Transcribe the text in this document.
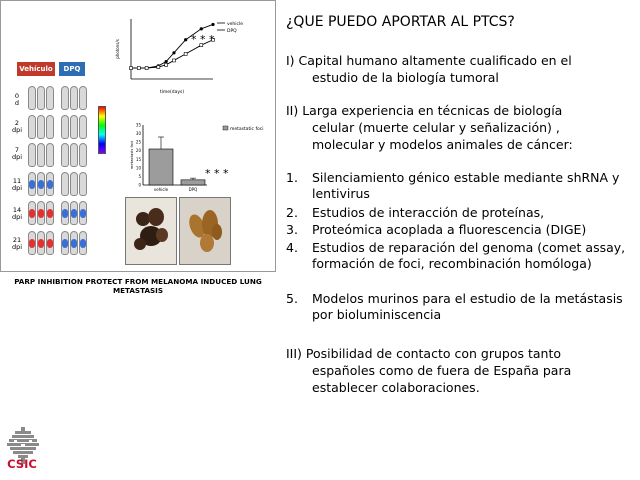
Vehículo	DPQ
0
d
2
dpi
7
dpi
11
dpi
14
dpi
21
dpi
vehicle
DPQ
time(days)
photons/s	* * *
0
5
10
15
20
25
30
35
vehicle	DPQ
metastatic foci
metastasis foci
* * *
PARP INHIBITION PROTECT FROM MELANOMA INDUCED LUNG METASTASIS
¿QUE PUEDO APORTAR AL PTCS?
I) Capital humano altamente cualificado en el estudio de la biología tumoral
II) Larga experiencia en técnicas de biología celular (muerte celular y señalización) , molecular y modelos animales de cáncer:
1.	Silenciamiento génico estable mediante shRNA y lentivirus
2.	Estudios de interacción de proteínas,
3.	Proteómica acoplada a fluorescencia (DIGE)
4.	Estudios de reparación del genoma (comet assay, formación de foci, recombinación homóloga)
5.	Modelos murinos para el estudio de la metástasis por bioluminiscencia
III) Posibilidad de contacto con grupos tanto españoles como de fuera de España para establecer colaboraciones.
CSIC
